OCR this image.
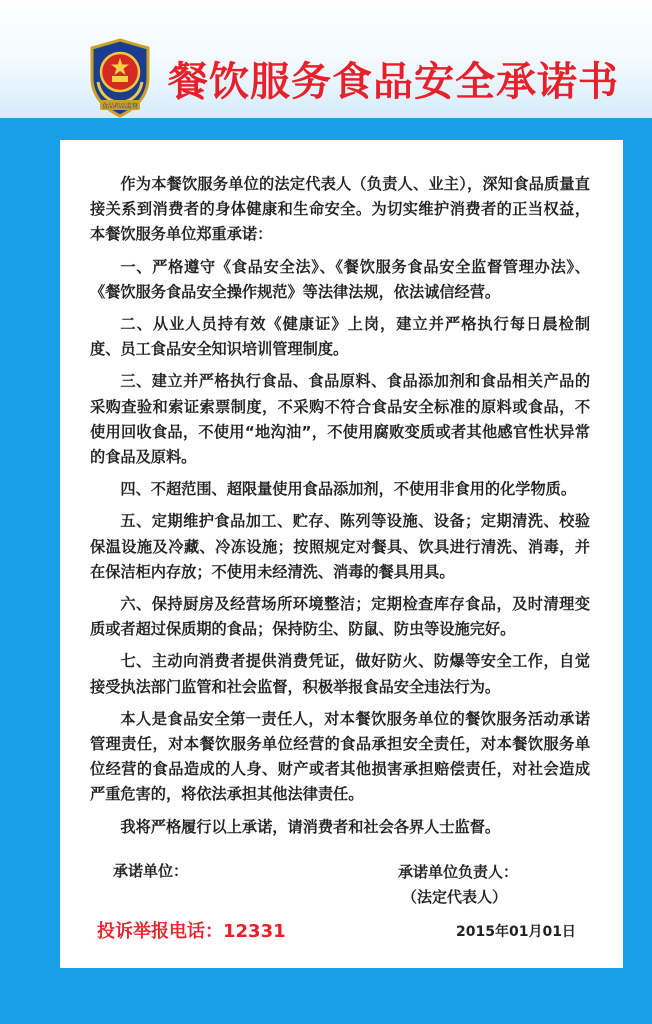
食品药品监督
餐饮服务食品安全承诺书

作为本餐饮服务单位的法定代表人（负责人、业主），深知食品质量直接关系到消费者的身体健康和生命安全。为切实维护消费者的正当权益，本餐饮服务单位郑重承诺：

一、严格遵守《食品安全法》、《餐饮服务食品安全监督管理办法》、《餐饮服务食品安全操作规范》等法律法规，依法诚信经营。

二、从业人员持有效《健康证》上岗，建立并严格执行每日晨检制度、员工食品安全知识培训管理制度。

三、建立并严格执行食品、食品原料、食品添加剂和食品相关产品的采购查验和索证索票制度，不采购不符合食品安全标准的原料或食品，不使用回收食品，不使用“地沟油”，不使用腐败变质或者其他感官性状异常的食品及原料。

四、不超范围、超限量使用食品添加剂，不使用非食用的化学物质。

五、定期维护食品加工、贮存、陈列等设施、设备；定期清洗、校验保温设施及冷藏、冷冻设施；按照规定对餐具、饮具进行清洗、消毒，并在保洁柜内存放；不使用未经清洗、消毒的餐具用具。

六、保持厨房及经营场所环境整洁；定期检查库存食品，及时清理变质或者超过保质期的食品；保持防尘、防鼠、防虫等设施完好。

七、主动向消费者提供消费凭证，做好防火、防爆等安全工作，自觉接受执法部门监管和社会监督，积极举报食品安全违法行为。

本人是食品安全第一责任人，对本餐饮服务单位的餐饮服务活动承诺管理责任，对本餐饮服务单位经营的食品承担安全责任，对本餐饮服务单位经营的食品造成的人身、财产或者其他损害承担赔偿责任，对社会造成严重危害的，将依法承担其他法律责任。

我将严格履行以上承诺，请消费者和社会各界人士监督。

承诺单位：	承诺单位负责人：
（法定代表人）
投诉举报电话：12331	2015年01月01日
